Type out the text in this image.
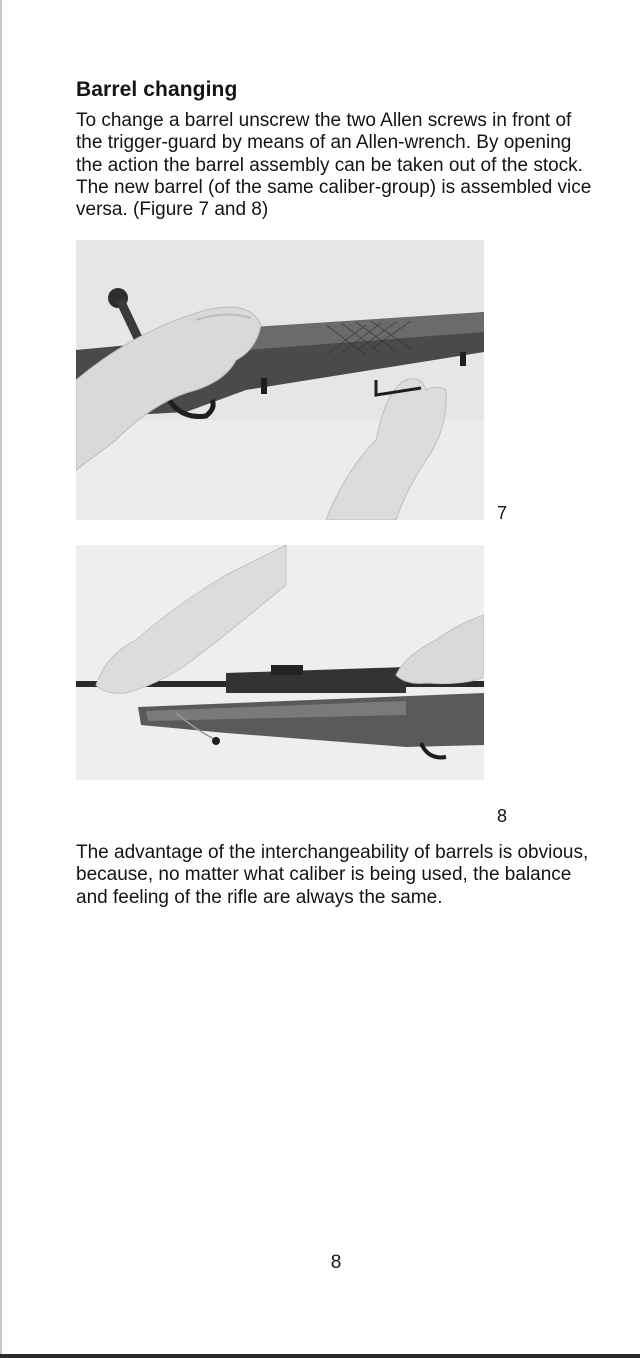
Barrel changing

To change a barrel unscrew the two Allen screws in front of the trigger-guard by means of an Allen-wrench. By opening the action the barrel assembly can be taken out of the stock. The new barrel (of the same caliber-group) is assembled vice versa. (Figure 7 and 8)

7
8

The advantage of the interchangeability of barrels is obvious, because, no matter what caliber is being used, the balance and feeling of the rifle are always the same.

8
